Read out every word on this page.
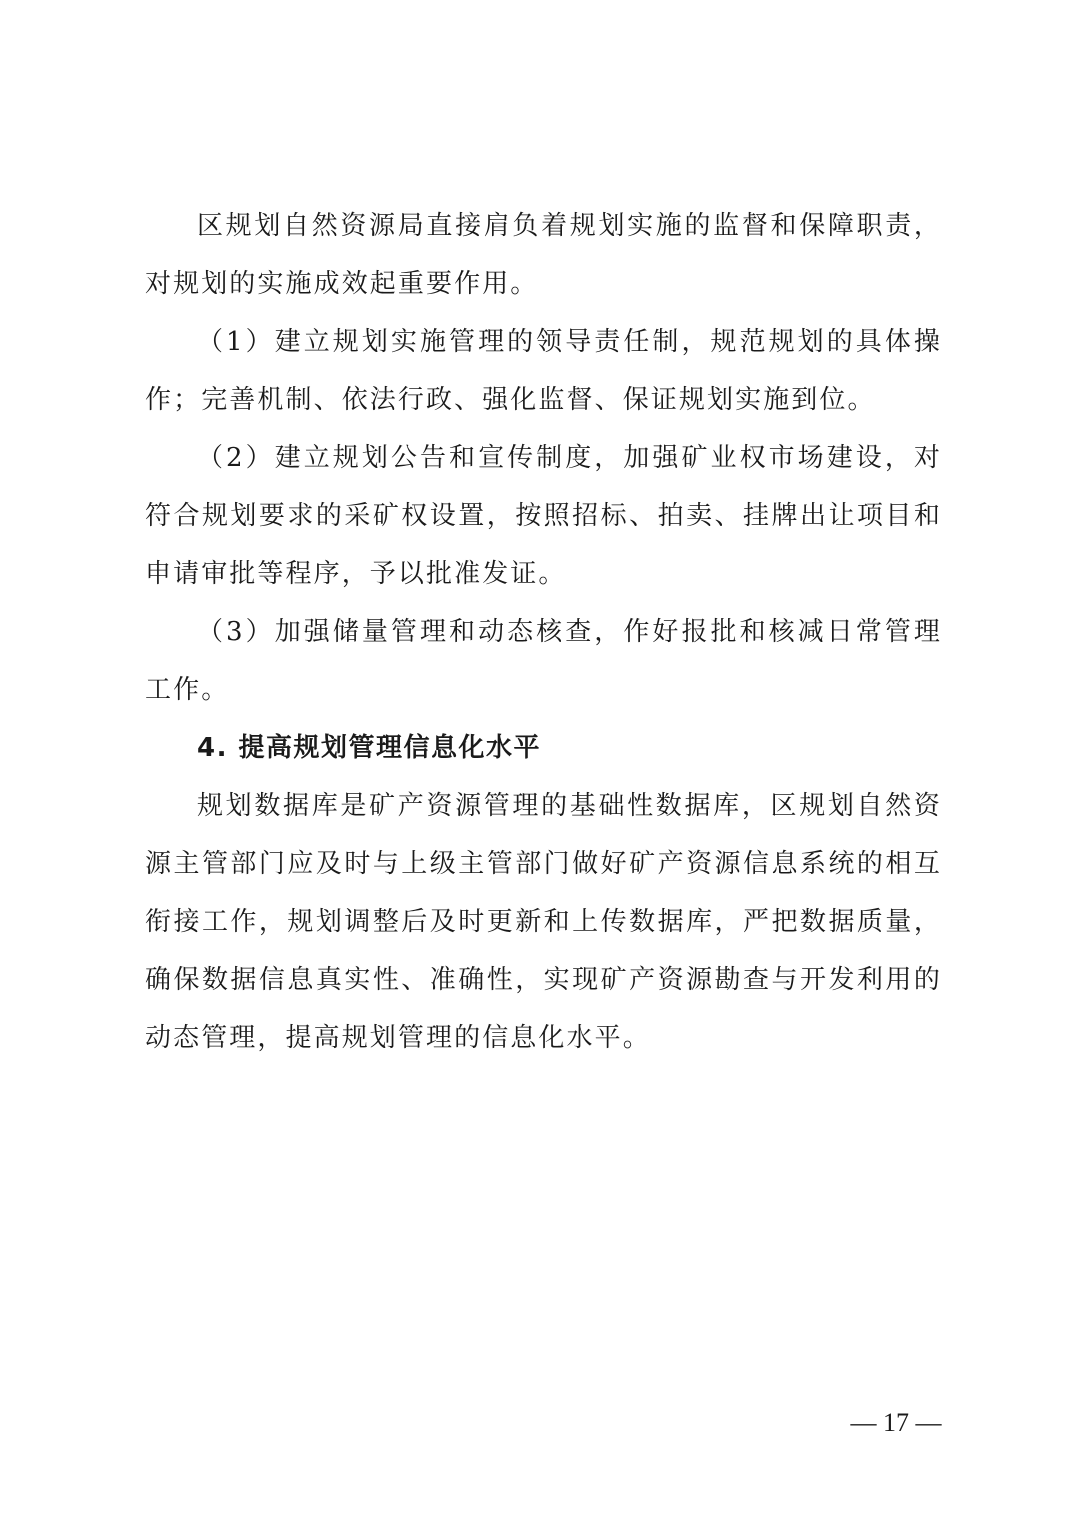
区规划自然资源局直接肩负着规划实施的监督和保障职责，对规划的实施成效起重要作用。

（1）建立规划实施管理的领导责任制，规范规划的具体操作；完善机制、依法行政、强化监督、保证规划实施到位。

（2）建立规划公告和宣传制度，加强矿业权市场建设，对符合规划要求的采矿权设置，按照招标、拍卖、挂牌出让项目和申请审批等程序，予以批准发证。

（3）加强储量管理和动态核查，作好报批和核减日常管理工作。

4. 提高规划管理信息化水平

规划数据库是矿产资源管理的基础性数据库，区规划自然资源主管部门应及时与上级主管部门做好矿产资源信息系统的相互衔接工作，规划调整后及时更新和上传数据库，严把数据质量，确保数据信息真实性、准确性，实现矿产资源勘查与开发利用的动态管理，提高规划管理的信息化水平。

— 17 —
